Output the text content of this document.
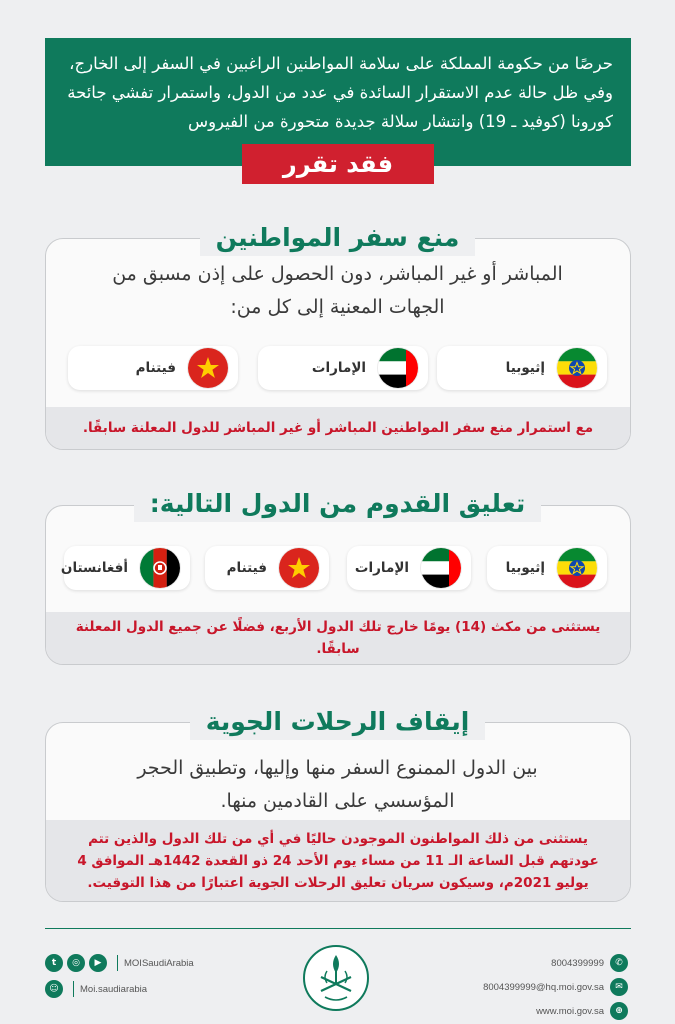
حرصًا من حكومة المملكة على سلامة المواطنين الراغبين في السفر إلى الخارج، وفي ظل حالة عدم الاستقرار السائدة في عدد من الدول، واستمرار تفشي جائحة كورونا (كوفيد ـ 19) وانتشار سلالة جديدة متحورة من الفيروس

فقد تقرر
منع سفر المواطنين
المباشر أو غير المباشر، دون الحصول على إذن مسبق من الجهات المعنية إلى كل من:
إثيوبيا
الإمارات
فيتنام
مع استمرار منع سفر المواطنين المباشر أو غير المباشر للدول المعلنة سابقًا.
تعليق القدوم من الدول التالية:
إثيوبيا
الإمارات
فيتنام
أفغانستان
يستثنى من مكث (14) يومًا خارج تلك الدول الأربع، فضلًا عن جميع الدول المعلنة سابقًا.
إيقاف الرحلات الجوية
بين الدول الممنوع السفر منها وإليها، وتطبيق الحجر المؤسسي على القادمين منها.
يستثنى من ذلك المواطنون الموجودن حاليًا في أي من تلك الدول والذين تتم عودتهم قبل الساعة الـ 11 من مساء يوم الأحد 24 ذو القعدة 1442هـ الموافق 4 يوليو 2021م، وسيكون سريان تعليق الرحلات الجوية اعتبارًا من هذا التوقيت.
t	◎	▶	MOISaudiArabia
☺	Moi.saudiarabia
8004399999	✆
8004399999@hq.moi.gov.sa	✉
www.moi.gov.sa	⊕
